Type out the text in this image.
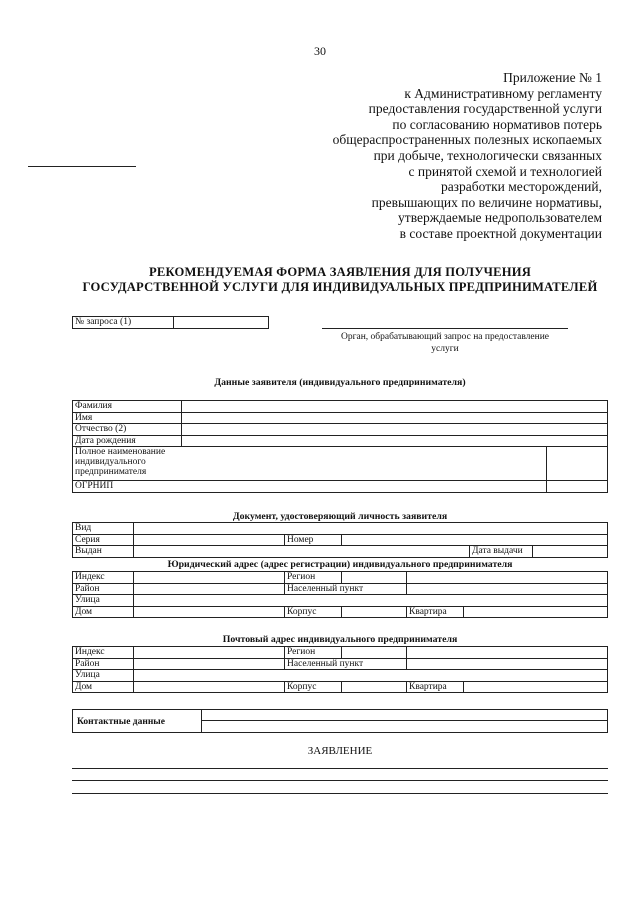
30
Приложение № 1
к Административному регламенту
предоставления государственной услуги
по согласованию нормативов потерь
общераспространенных полезных ископаемых
при добыче, технологически связанных
с принятой схемой и технологией
разработки месторождений,
превышающих по величине нормативы,
утверждаемые недропользователем
в составе проектной документации
РЕКОМЕНДУЕМАЯ ФОРМА ЗАЯВЛЕНИЯ ДЛЯ ПОЛУЧЕНИЯ
ГОСУДАРСТВЕННОЙ УСЛУГИ ДЛЯ ИНДИВИДУАЛЬНЫХ ПРЕДПРИНИМАТЕЛЕЙ
№ запроса (1)	
Орган, обрабатывающий запрос на предоставление
услуги
Данные заявителя (индивидуального предпринимателя)
Фамилия		
Имя		
Отчество (2)		
Дата рождения		

Полное наименование
индивидуального
предпринимателя		

ОГРНИП		
Документ, удостоверяющий личность заявителя
Вид					
Серия		Номер			
Выдан				Дата выдачи	
Юридический адрес (адрес регистрации) индивидуального предпринимателя
Индекс		Регион			
Район		Населенный пункт			
Улица					
Дом		Корпус		Квартира	
Почтовый адрес индивидуального предпринимателя
Индекс		Регион			
Район		Населенный пункт			
Улица					
Дом		Корпус		Квартира	
Контактные данные
ЗАЯВЛЕНИЕ
